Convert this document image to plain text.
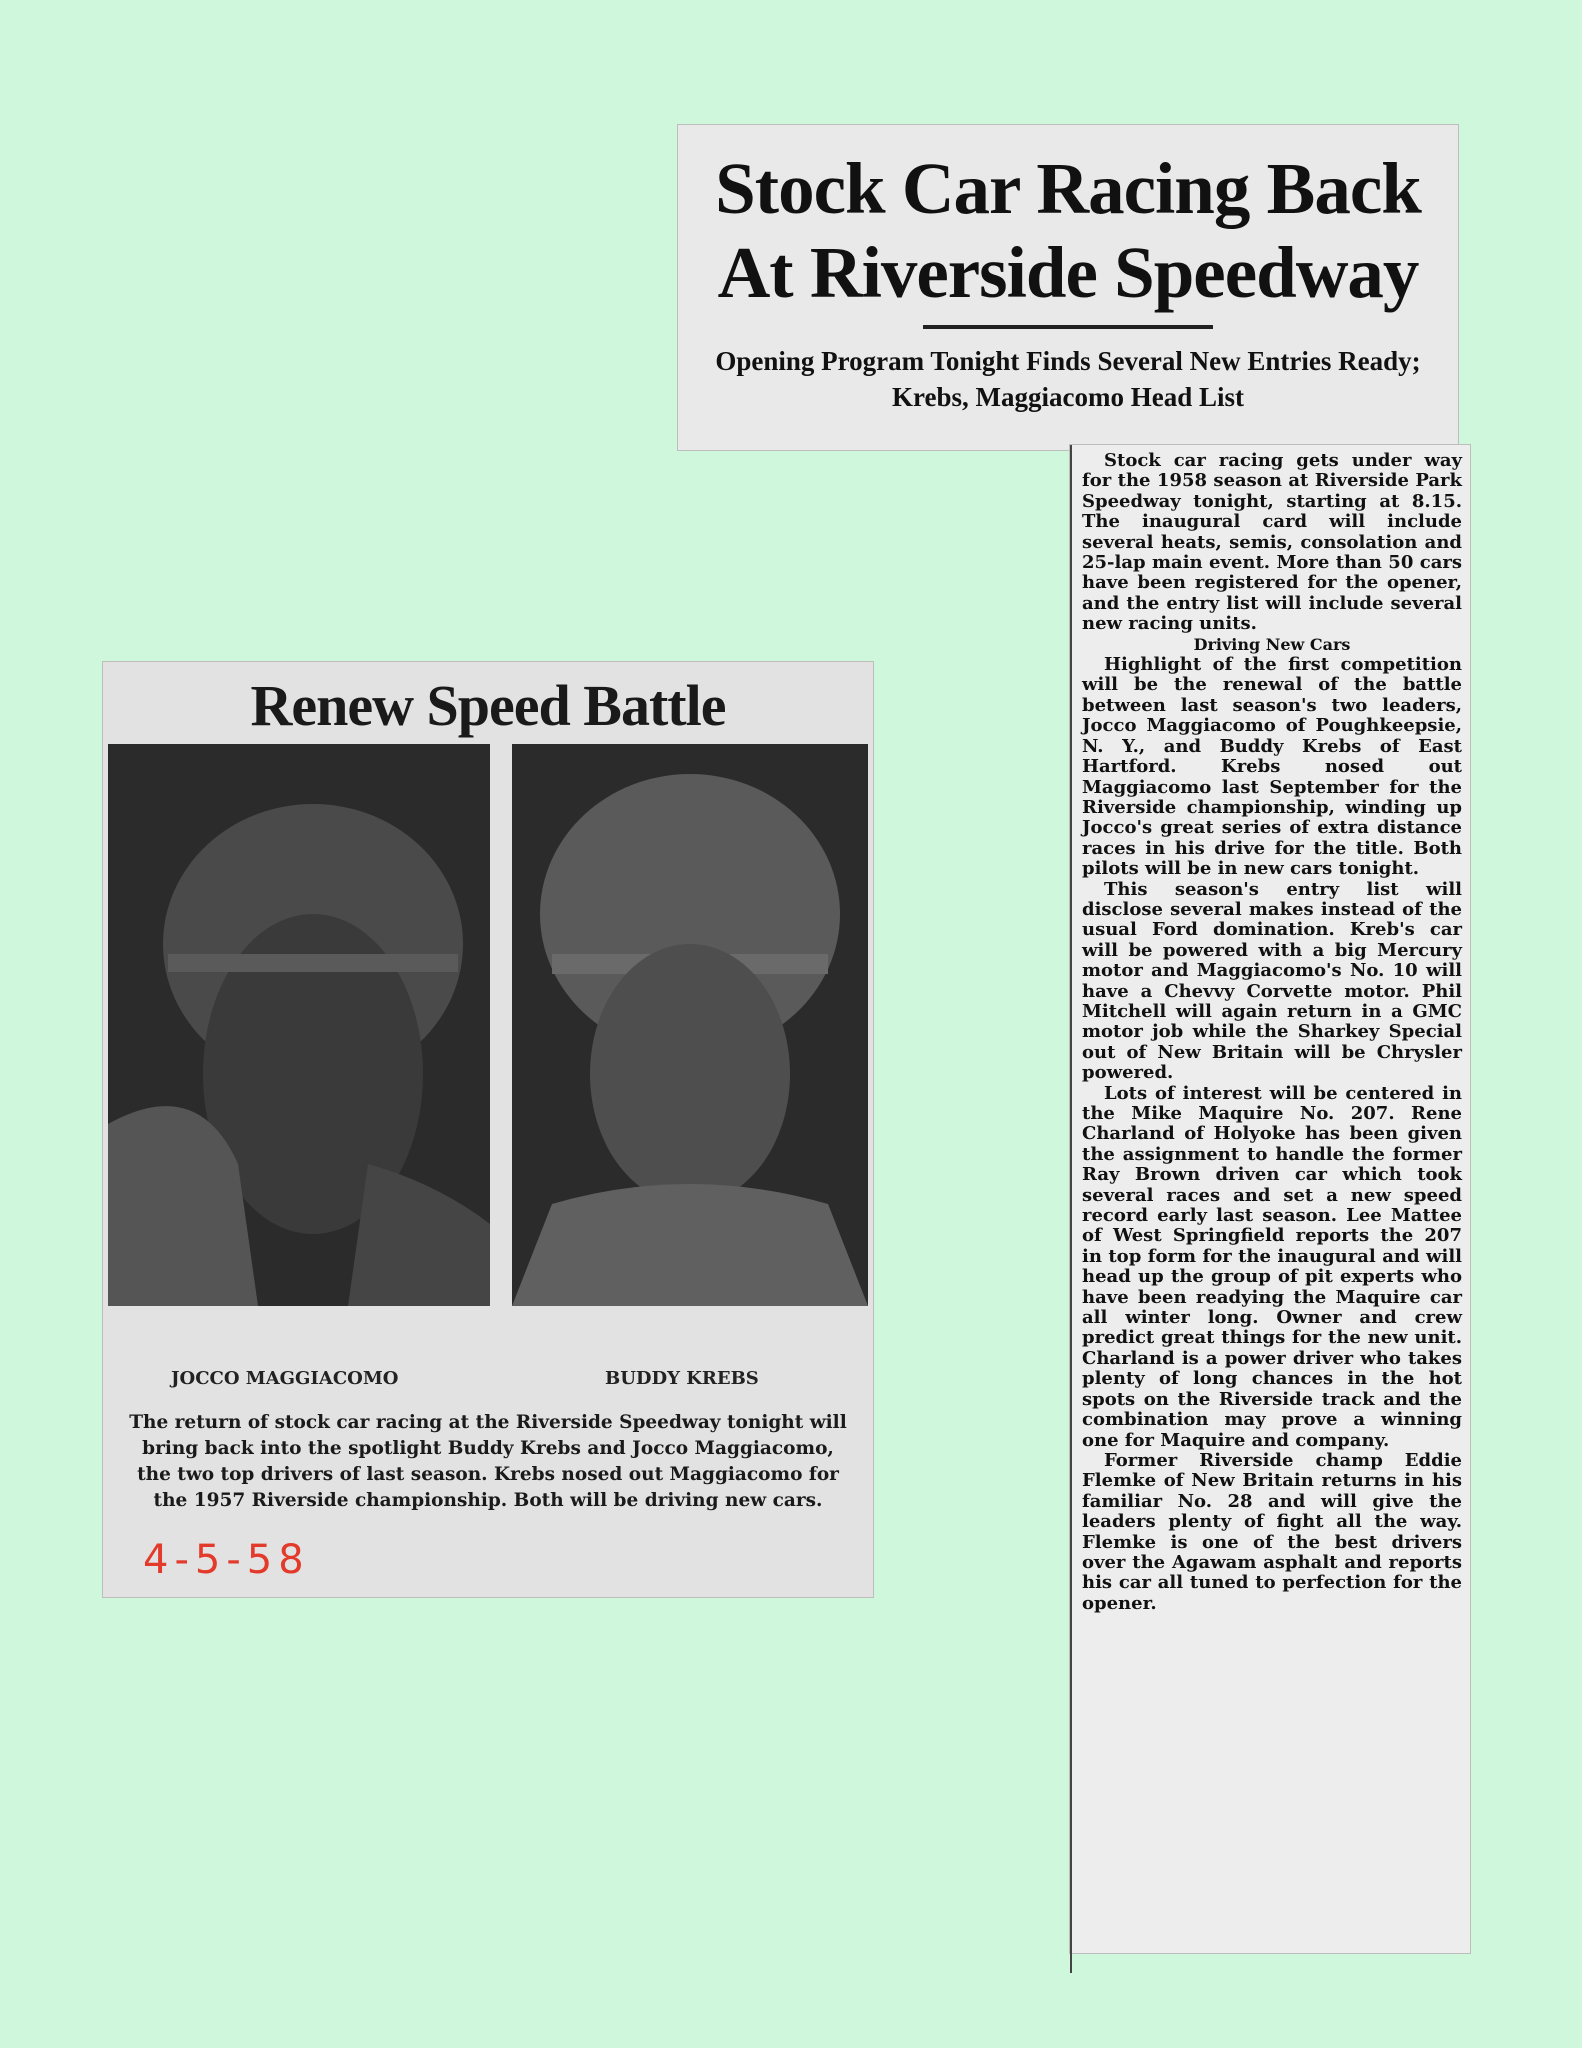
Stock Car Racing Back
At Riverside Speedway
Opening Program Tonight Finds Several New Entries Ready; Krebs, Maggiacomo Head List

Stock car racing gets under way for the 1958 season at Riverside Park Speedway tonight, starting at 8.15. The inaugural card will include several heats, semis, consolation and 25-lap main event. More than 50 cars have been registered for the opener, and the entry list will include several new racing units.

Driving New Cars

Highlight of the first competition will be the renewal of the battle between last season's two leaders, Jocco Maggiacomo of Poughkeepsie, N. Y., and Buddy Krebs of East Hartford. Krebs nosed out Maggiacomo last September for the Riverside championship, winding up Jocco's great series of extra distance races in his drive for the title. Both pilots will be in new cars tonight.

This season's entry list will disclose several makes instead of the usual Ford domination. Kreb's car will be powered with a big Mercury motor and Maggiacomo's No. 10 will have a Chevvy Corvette motor. Phil Mitchell will again return in a GMC motor job while the Sharkey Special out of New Britain will be Chrysler powered.

Lots of interest will be centered in the Mike Maquire No. 207. Rene Charland of Holyoke has been given the assignment to handle the former Ray Brown driven car which took several races and set a new speed record early last season. Lee Mattee of West Springfield reports the 207 in top form for the inaugural and will head up the group of pit experts who have been readying the Maquire car all winter long. Owner and crew predict great things for the new unit. Charland is a power driver who takes plenty of long chances in the hot spots on the Riverside track and the combination may prove a winning one for Maquire and company.

Former Riverside champ Eddie Flemke of New Britain returns in his familiar No. 28 and will give the leaders plenty of fight all the way. Flemke is one of the best drivers over the Agawam asphalt and reports his car all tuned to perfection for the opener.

Renew Speed Battle
JOCCO MAGGIACOMO	BUDDY KREBS
The return of stock car racing at the Riverside Speedway tonight will bring back into the spotlight Buddy Krebs and Jocco Maggiacomo, the two top drivers of last season. Krebs nosed out Maggiacomo for the 1957 Riverside championship. Both will be driving new cars.
4-5-58
